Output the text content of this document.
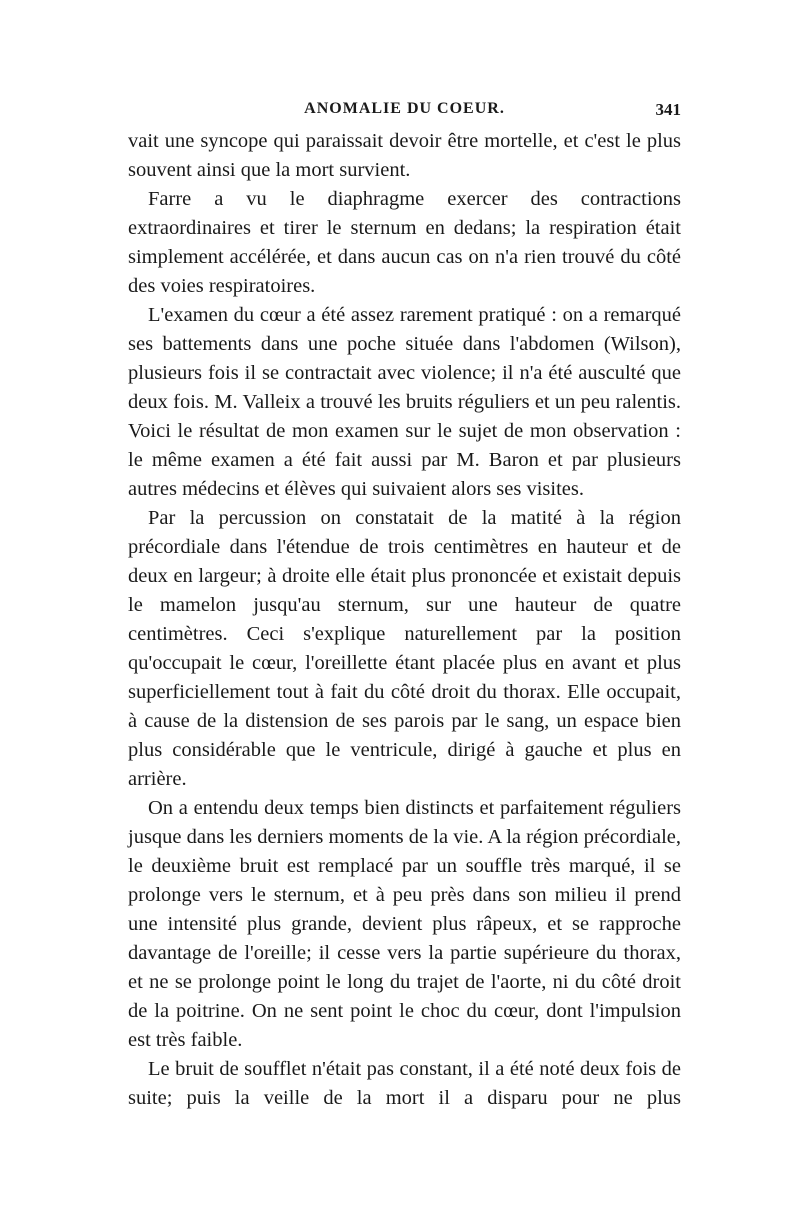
ANOMALIE DU COEUR.	341

vait une syncope qui paraissait devoir être mortelle, et c'est le plus souvent ainsi que la mort survient.

Farre a vu le diaphragme exercer des contractions extraordinaires et tirer le sternum en dedans; la respiration était simplement accélérée, et dans aucun cas on n'a rien trouvé du côté des voies respiratoires.

L'examen du cœur a été assez rarement pratiqué : on a remarqué ses battements dans une poche située dans l'abdomen (Wilson), plusieurs fois il se contractait avec violence; il n'a été ausculté que deux fois. M. Valleix a trouvé les bruits réguliers et un peu ralentis. Voici le résultat de mon examen sur le sujet de mon observation : le même examen a été fait aussi par M. Baron et par plusieurs autres médecins et élèves qui suivaient alors ses visites.

Par la percussion on constatait de la matité à la région précordiale dans l'étendue de trois centimètres en hauteur et de deux en largeur; à droite elle était plus prononcée et existait depuis le mamelon jusqu'au sternum, sur une hauteur de quatre centimètres. Ceci s'explique naturellement par la position qu'occupait le cœur, l'oreillette étant placée plus en avant et plus superficiellement tout à fait du côté droit du thorax. Elle occupait, à cause de la distension de ses parois par le sang, un espace bien plus considérable que le ventricule, dirigé à gauche et plus en arrière.

On a entendu deux temps bien distincts et parfaitement réguliers jusque dans les derniers moments de la vie. A la région précordiale, le deuxième bruit est remplacé par un souffle très marqué, il se prolonge vers le sternum, et à peu près dans son milieu il prend une intensité plus grande, devient plus râpeux, et se rapproche davantage de l'oreille; il cesse vers la partie supérieure du thorax, et ne se prolonge point le long du trajet de l'aorte, ni du côté droit de la poitrine. On ne sent point le choc du cœur, dont l'impulsion est très faible.

Le bruit de soufflet n'était pas constant, il a été noté deux fois de suite; puis la veille de la mort il a disparu pour ne plus
